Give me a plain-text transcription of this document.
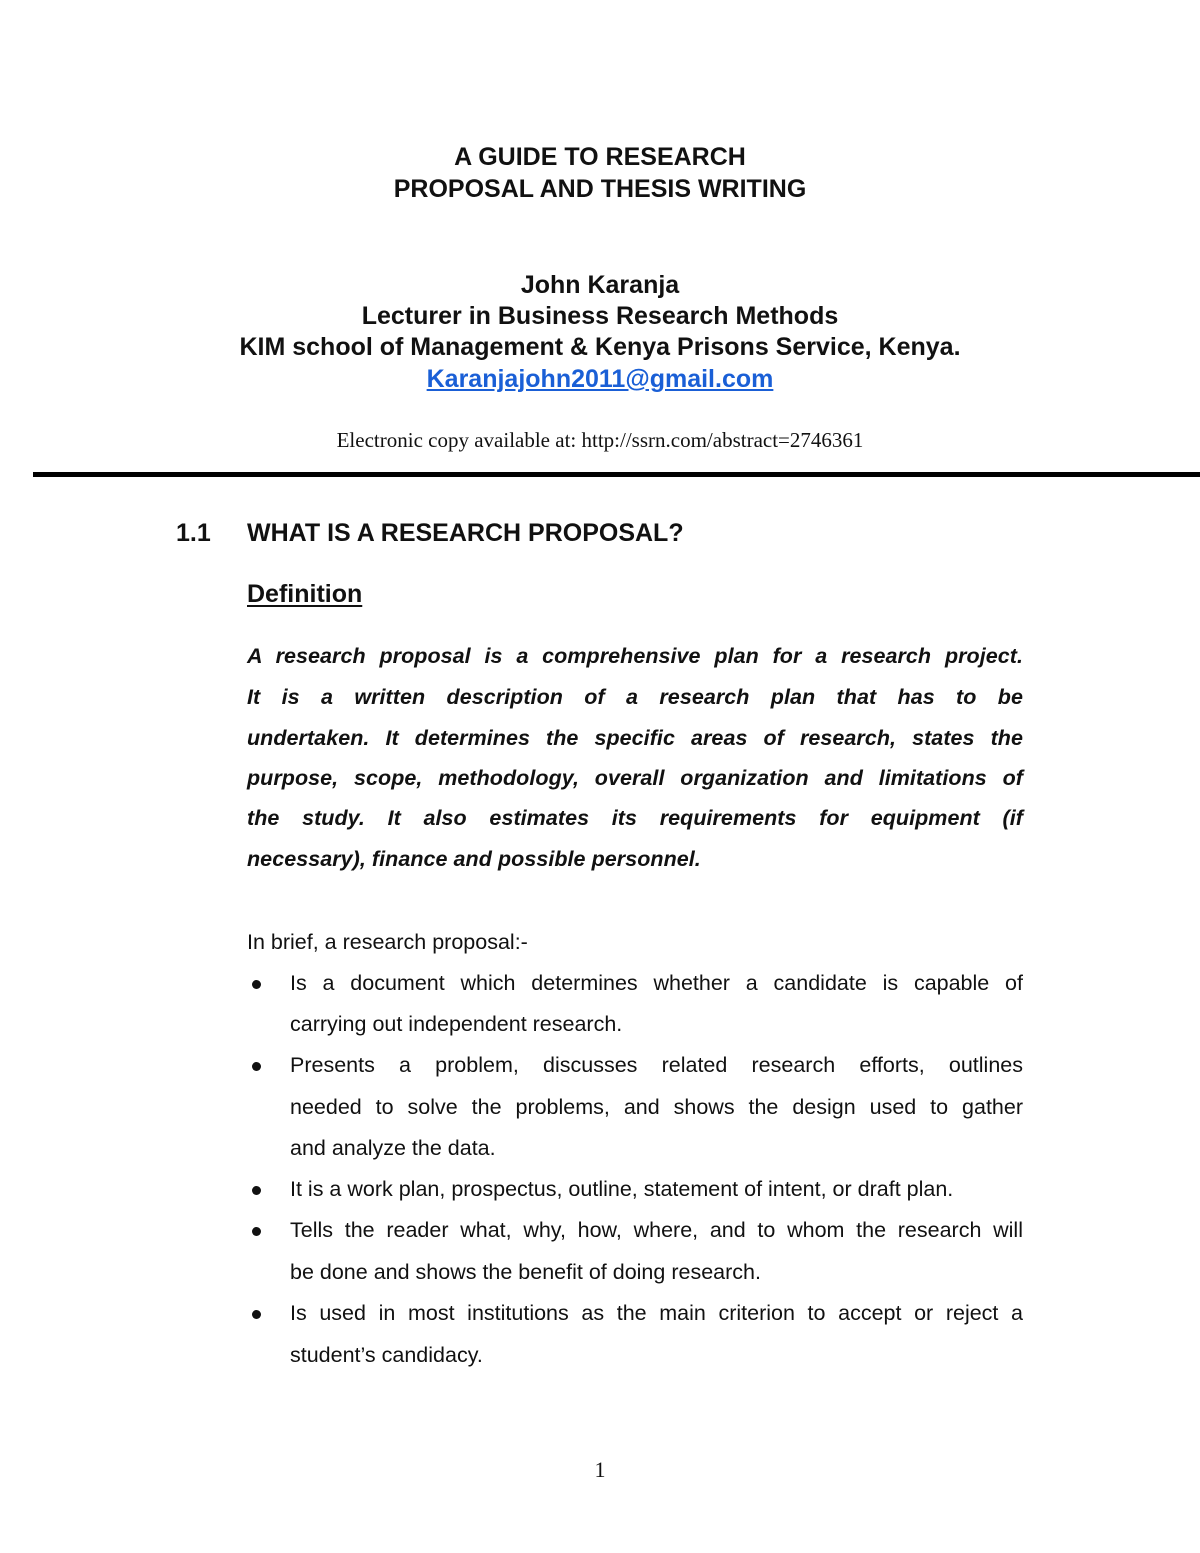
A GUIDE TO RESEARCH
PROPOSAL AND THESIS WRITING
John Karanja
Lecturer in Business Research Methods
KIM school of Management & Kenya Prisons Service, Kenya.
Karanjajohn2011@gmail.com
Electronic copy available at: http://ssrn.com/abstract=2746361
1.1 WHAT IS A RESEARCH PROPOSAL?
Definition
A research proposal is a comprehensive plan for a research project.
It is a written description of a research plan that has to be
undertaken. It determines the specific areas of research, states the
purpose, scope, methodology, overall organization and limitations of
the study. It also estimates its requirements for equipment (if
necessary), finance and possible personnel.
In brief, a research proposal:-
Is a document which determines whether a candidate is capable of
carrying out independent research.
Presents a problem, discusses related research efforts, outlines
needed to solve the problems, and shows the design used to gather
and analyze the data.
It is a work plan, prospectus, outline, statement of intent, or draft plan.
Tells the reader what, why, how, where, and to whom the research will
be done and shows the benefit of doing research.
Is used in most institutions as the main criterion to accept or reject a
student’s candidacy.
1
